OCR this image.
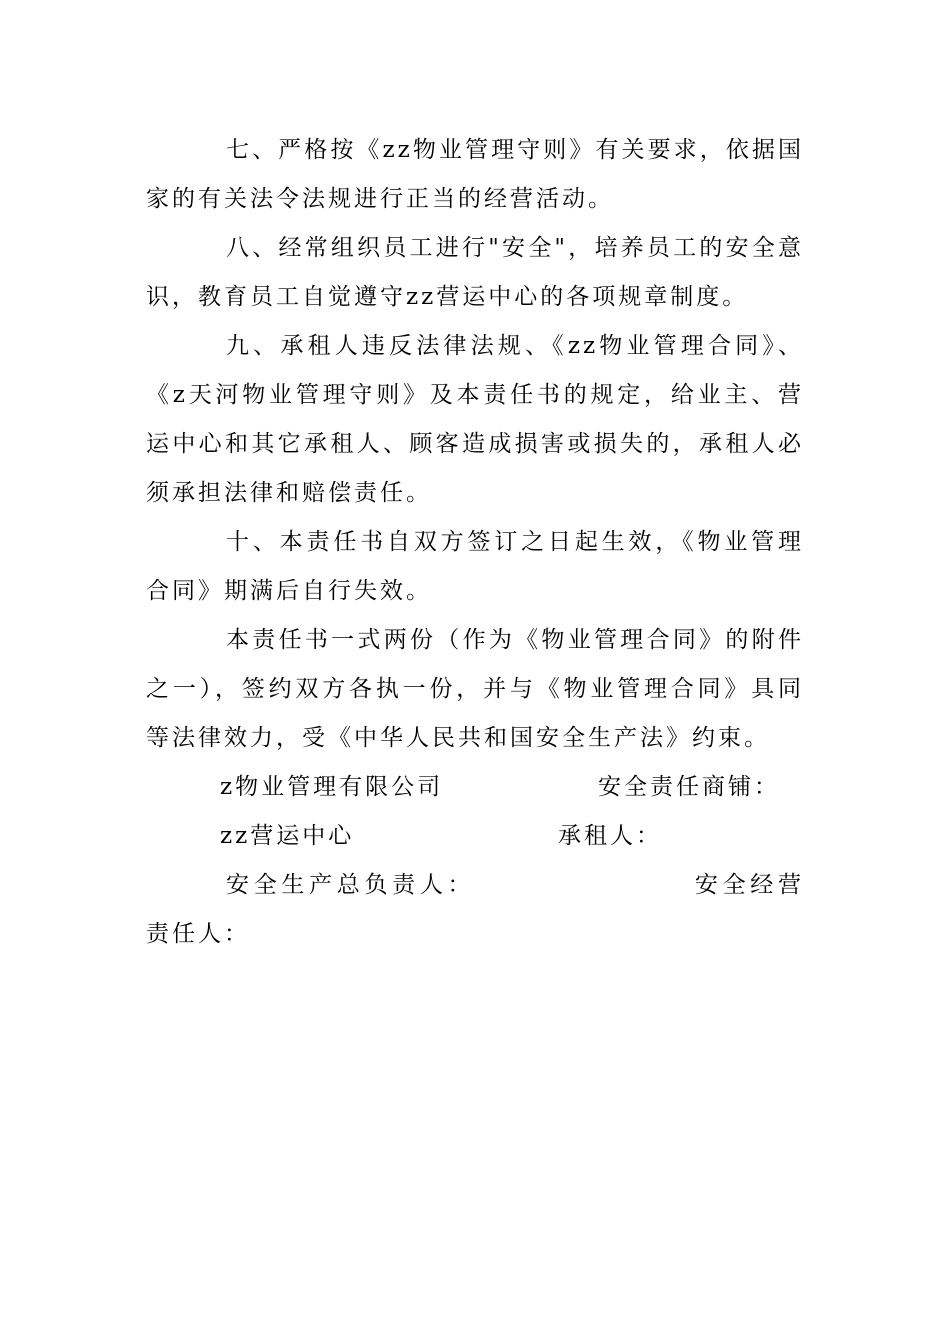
七、严格按《zz物业管理守则》有关要求，依据国家的有关法令法规进行正当的经营活动。

八、经常组织员工进行"安全"，培养员工的安全意识，教育员工自觉遵守zz营运中心的各项规章制度。

九、承租人违反法律法规、《zz物业管理合同》、《z天河物业管理守则》及本责任书的规定，给业主、营运中心和其它承租人、顾客造成损害或损失的，承租人必须承担法律和赔偿责任。

十、本责任书自双方签订之日起生效，《物业管理合同》期满后自行失效。

本责任书一式两份（作为《物业管理合同》的附件之一），签约双方各执一份，并与《物业管理合同》具同等法律效力，受《中华人民共和国安全生产法》约束。

z物业管理有限公司	安全责任商铺：
zz营运中心	承租人：

安全生产总负责人：	安全经营责任人：
